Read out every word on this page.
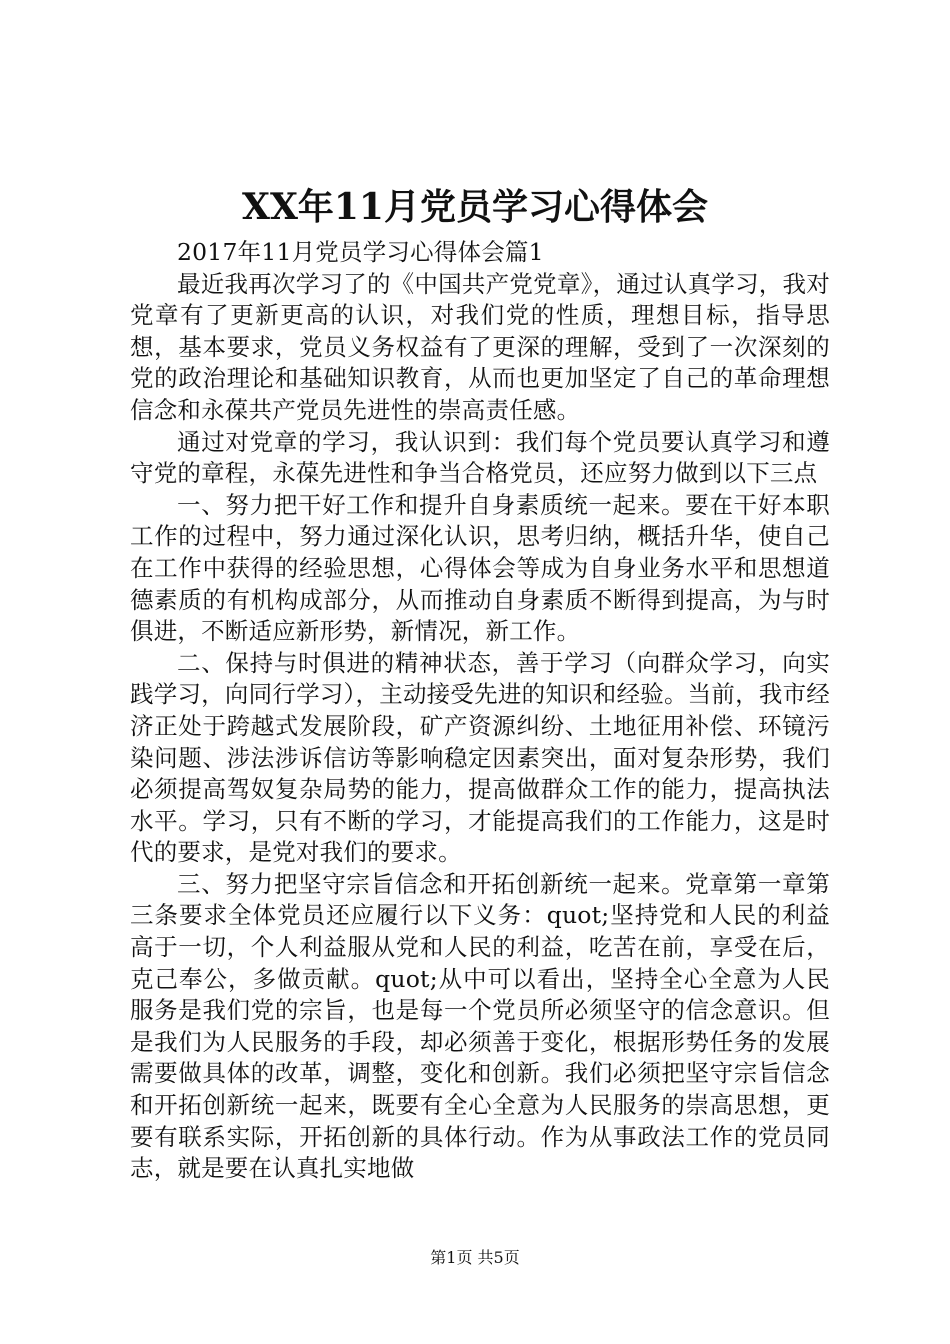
XX年11月党员学习心得体会

2017年11月党员学习心得体会篇1

最近我再次学习了的《中国共产党党章》，通过认真学习，我对党章有了更新更高的认识，对我们党的性质，理想目标，指导思想，基本要求，党员义务权益有了更深的理解，受到了一次深刻的党的政治理论和基础知识教育，从而也更加坚定了自己的革命理想信念和永葆共产党员先进性的崇高责任感。

通过对党章的学习，我认识到：我们每个党员要认真学习和遵守党的章程，永葆先进性和争当合格党员，还应努力做到以下三点

一、努力把干好工作和提升自身素质统一起来。要在干好本职工作的过程中，努力通过深化认识，思考归纳，概括升华，使自己在工作中获得的经验思想，心得体会等成为自身业务水平和思想道德素质的有机构成部分，从而推动自身素质不断得到提高，为与时俱进，不断适应新形势，新情况，新工作。

二、保持与时俱进的精神状态，善于学习（向群众学习，向实践学习，向同行学习），主动接受先进的知识和经验。当前，我市经济正处于跨越式发展阶段，矿产资源纠纷、土地征用补偿、环镜污染问题、涉法涉诉信访等影响稳定因素突出，面对复杂形势，我们必须提高驾奴复杂局势的能力，提高做群众工作的能力，提高执法水平。学习，只有不断的学习，才能提高我们的工作能力，这是时代的要求，是党对我们的要求。

三、努力把坚守宗旨信念和开拓创新统一起来。党章第一章第三条要求全体党员还应履行以下义务：quot;坚持党和人民的利益高于一切，个人利益服从党和人民的利益，吃苦在前，享受在后，克己奉公，多做贡献。quot;从中可以看出，坚持全心全意为人民服务是我们党的宗旨，也是每一个党员所必须坚守的信念意识。但是我们为人民服务的手段，却必须善于变化，根据形势任务的发展需要做具体的改革，调整，变化和创新。我们必须把坚守宗旨信念和开拓创新统一起来，既要有全心全意为人民服务的崇高思想，更要有联系实际，开拓创新的具体行动。作为从事政法工作的党员同志，就是要在认真扎实地做

第1页 共5页
